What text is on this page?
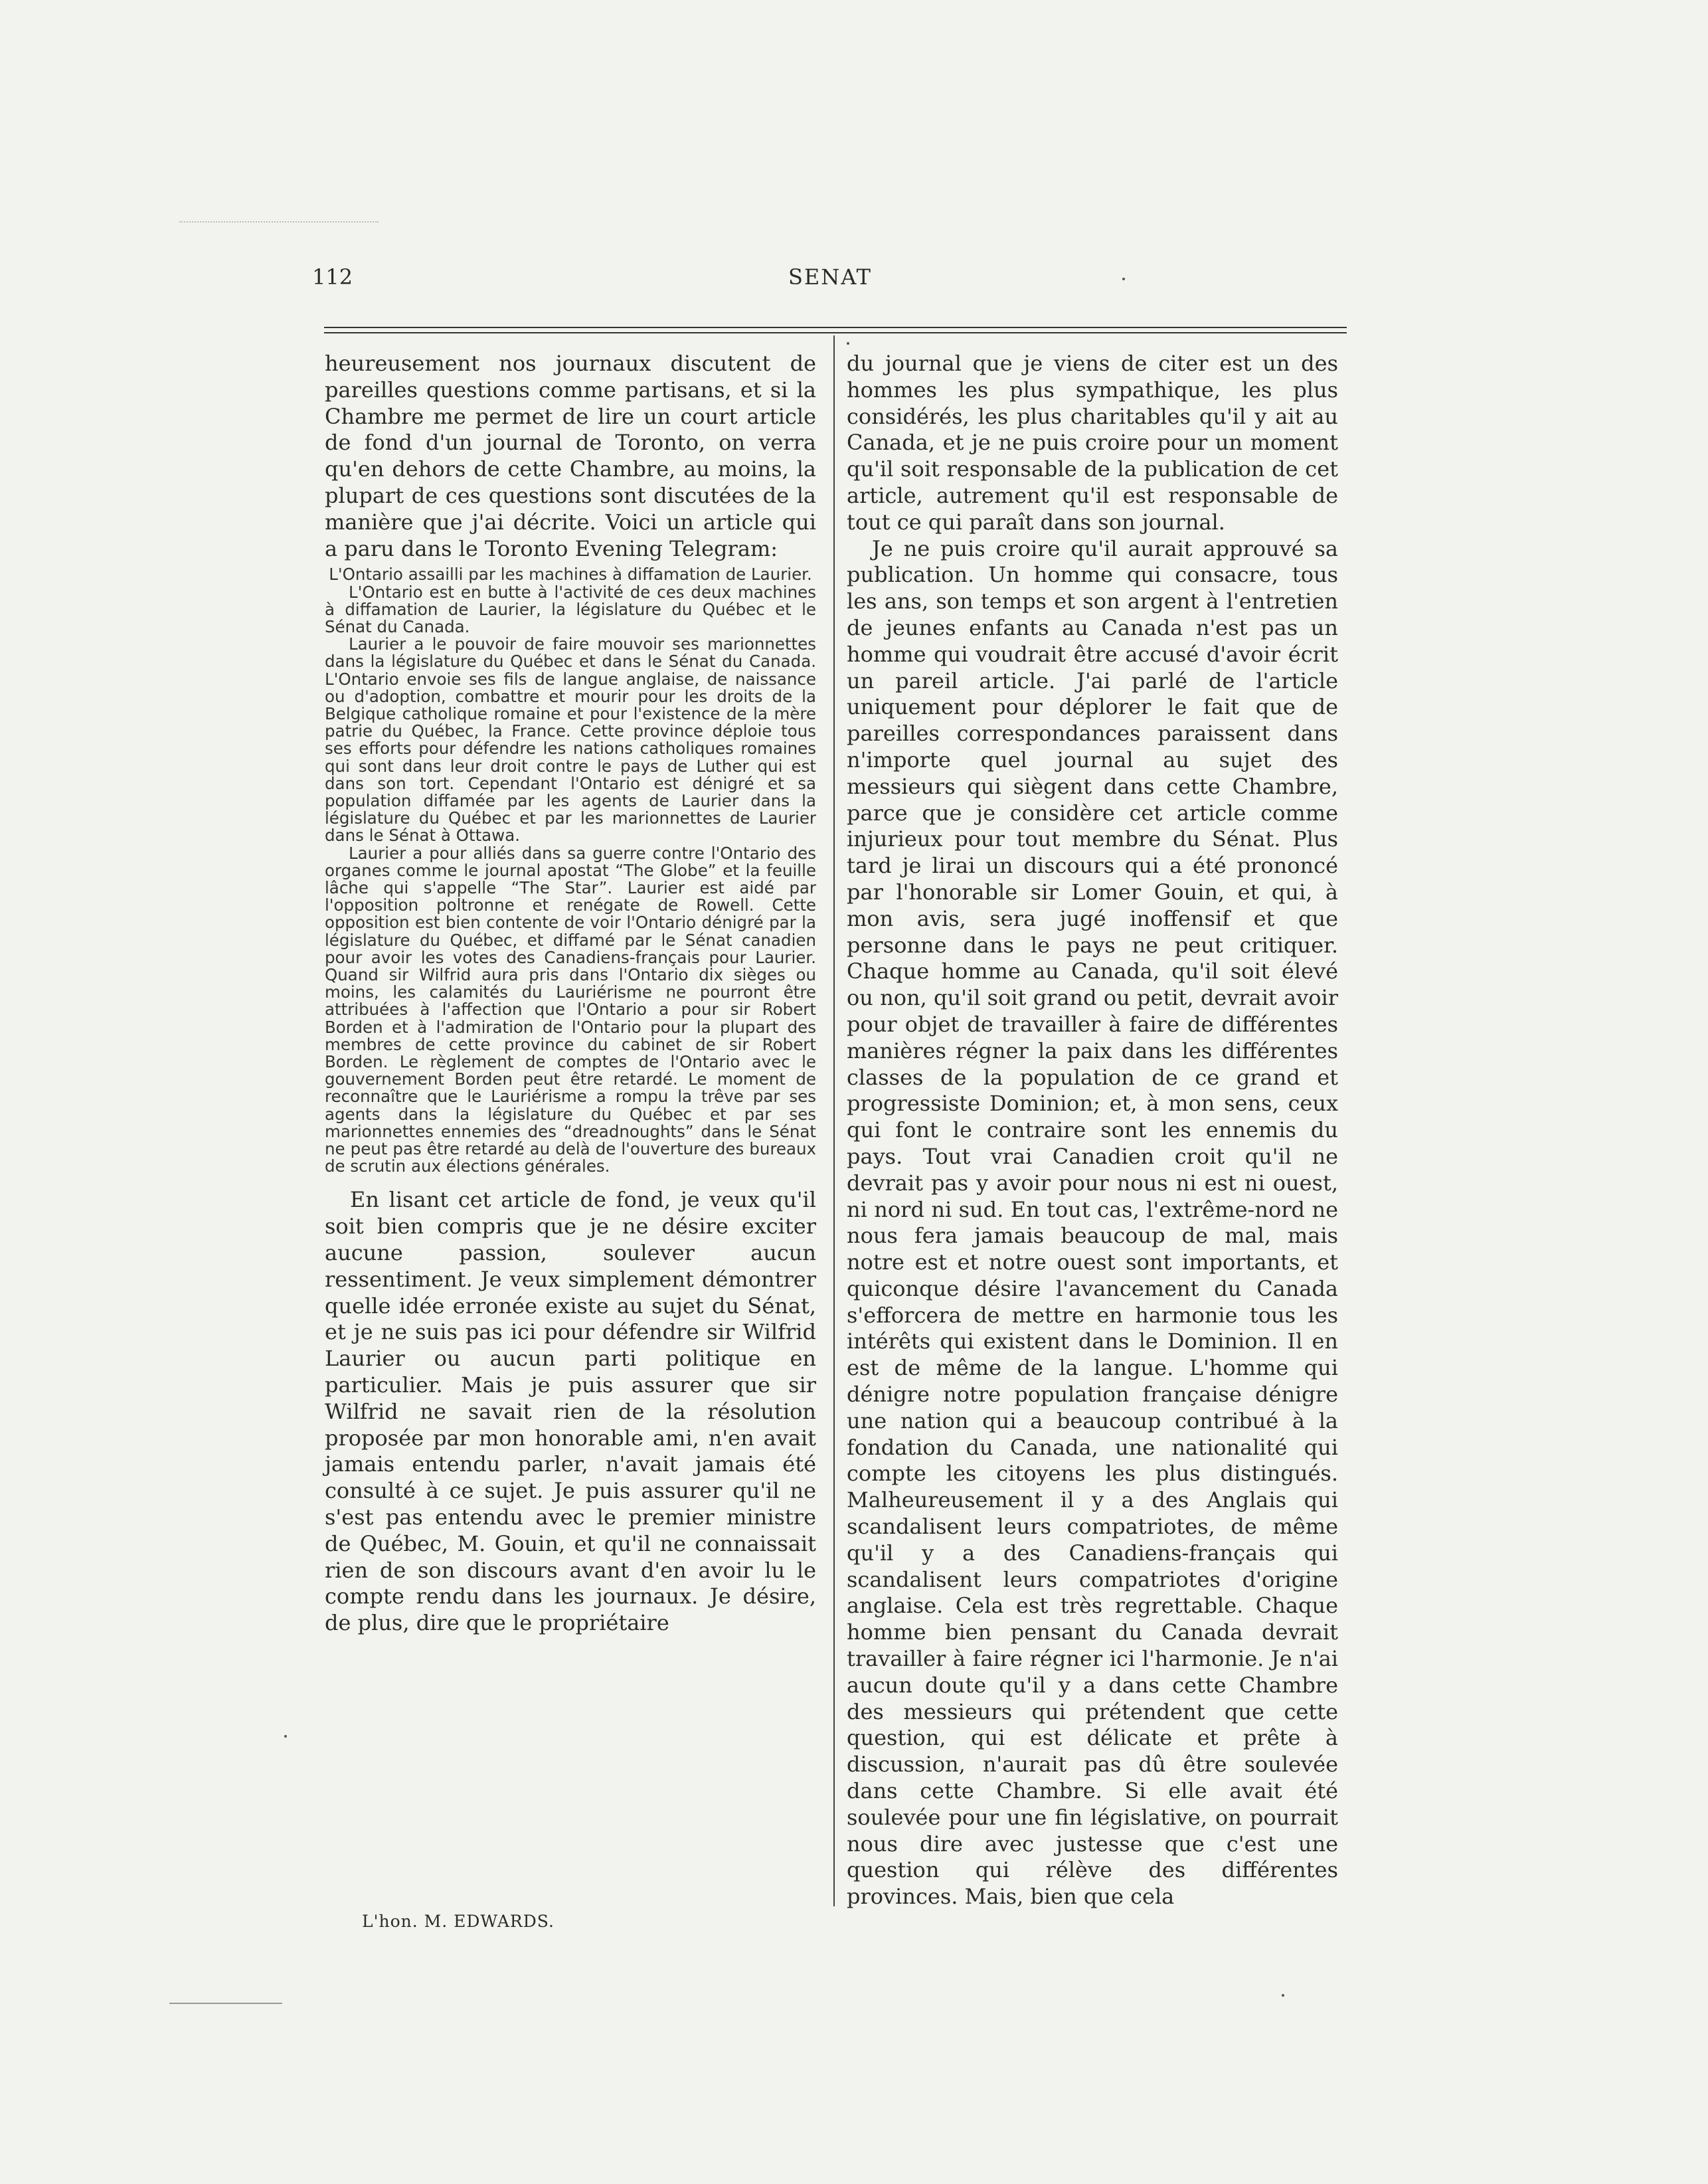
112	SENAT

heureusement nos journaux discutent de pareilles questions comme partisans, et si la Chambre me permet de lire un court article de fond d'un journal de Toronto, on verra qu'en dehors de cette Chambre, au moins, la plupart de ces questions sont discutées de la manière que j'ai décrite. Voici un article qui a paru dans le Toronto Evening Telegram:

L'Ontario assailli par les machines à diffamation de Laurier.

L'Ontario est en butte à l'activité de ces deux machines à diffamation de Laurier, la législature du Québec et le Sénat du Canada.

Laurier a le pouvoir de faire mouvoir ses marionnettes dans la législature du Québec et dans le Sénat du Canada. L'Ontario envoie ses fils de langue anglaise, de naissance ou d'adoption, combattre et mourir pour les droits de la Belgique catholique romaine et pour l'existence de la mère patrie du Québec, la France. Cette province déploie tous ses efforts pour défendre les nations catholiques romaines qui sont dans leur droit contre le pays de Luther qui est dans son tort. Cependant l'Ontario est dénigré et sa population diffamée par les agents de Laurier dans la législature du Québec et par les marionnettes de Laurier dans le Sénat à Ottawa.

Laurier a pour alliés dans sa guerre contre l'Ontario des organes comme le journal apostat “The Globe” et la feuille lâche qui s'appelle “The Star”. Laurier est aidé par l'opposition poltronne et renégate de Rowell. Cette opposition est bien contente de voir l'Ontario dénigré par la législature du Québec, et diffamé par le Sénat canadien pour avoir les votes des Canadiens-français pour Laurier. Quand sir Wilfrid aura pris dans l'Ontario dix sièges ou moins, les calamités du Lauriérisme ne pourront être attribuées à l'affection que l'Ontario a pour sir Robert Borden et à l'admiration de l'Ontario pour la plupart des membres de cette province du cabinet de sir Robert Borden. Le règlement de comptes de l'Ontario avec le gouvernement Borden peut être retardé. Le moment de reconnaître que le Lauriérisme a rompu la trêve par ses agents dans la législature du Québec et par ses marionnettes ennemies des “dreadnoughts” dans le Sénat ne peut pas être retardé au delà de l'ouverture des bureaux de scrutin aux élections générales.

En lisant cet article de fond, je veux qu'il soit bien compris que je ne désire exciter aucune passion, soulever aucun ressentiment. Je veux simplement démontrer quelle idée erronée existe au sujet du Sénat, et je ne suis pas ici pour défendre sir Wilfrid Laurier ou aucun parti politique en particulier. Mais je puis assurer que sir Wilfrid ne savait rien de la résolution proposée par mon honorable ami, n'en avait jamais entendu parler, n'avait jamais été consulté à ce sujet. Je puis assurer qu'il ne s'est pas entendu avec le premier ministre de Québec, M. Gouin, et qu'il ne connaissait rien de son discours avant d'en avoir lu le compte rendu dans les journaux. Je désire, de plus, dire que le propriétaire

du journal que je viens de citer est un des hommes les plus sympathique, les plus considérés, les plus charitables qu'il y ait au Canada, et je ne puis croire pour un moment qu'il soit responsable de la publication de cet article, autrement qu'il est responsable de tout ce qui paraît dans son journal.

Je ne puis croire qu'il aurait approuvé sa publication. Un homme qui consacre, tous les ans, son temps et son argent à l'entretien de jeunes enfants au Canada n'est pas un homme qui voudrait être accusé d'avoir écrit un pareil article. J'ai parlé de l'article uniquement pour déplorer le fait que de pareilles correspondances paraissent dans n'importe quel journal au sujet des messieurs qui siègent dans cette Chambre, parce que je considère cet article comme injurieux pour tout membre du Sénat. Plus tard je lirai un discours qui a été prononcé par l'honorable sir Lomer Gouin, et qui, à mon avis, sera jugé inoffensif et que personne dans le pays ne peut critiquer. Chaque homme au Canada, qu'il soit élevé ou non, qu'il soit grand ou petit, devrait avoir pour objet de travailler à faire de différentes manières régner la paix dans les différentes classes de la population de ce grand et progressiste Dominion; et, à mon sens, ceux qui font le contraire sont les ennemis du pays. Tout vrai Canadien croit qu'il ne devrait pas y avoir pour nous ni est ni ouest, ni nord ni sud. En tout cas, l'extrême-nord ne nous fera jamais beaucoup de mal, mais notre est et notre ouest sont importants, et quiconque désire l'avancement du Canada s'efforcera de mettre en harmonie tous les intérêts qui existent dans le Dominion. Il en est de même de la langue. L'homme qui dénigre notre population française dénigre une nation qui a beaucoup contribué à la fondation du Canada, une nationalité qui compte les citoyens les plus distingués. Malheureusement il y a des Anglais qui scandalisent leurs compatriotes, de même qu'il y a des Canadiens-français qui scandalisent leurs compatriotes d'origine anglaise. Cela est très regrettable. Chaque homme bien pensant du Canada devrait travailler à faire régner ici l'harmonie. Je n'ai aucun doute qu'il y a dans cette Chambre des messieurs qui prétendent que cette question, qui est délicate et prête à discussion, n'aurait pas dû être soulevée dans cette Chambre. Si elle avait été soulevée pour une fin législative, on pourrait nous dire avec justesse que c'est une question qui rélève des différentes provinces. Mais, bien que cela

L'hon. M. EDWARDS.
